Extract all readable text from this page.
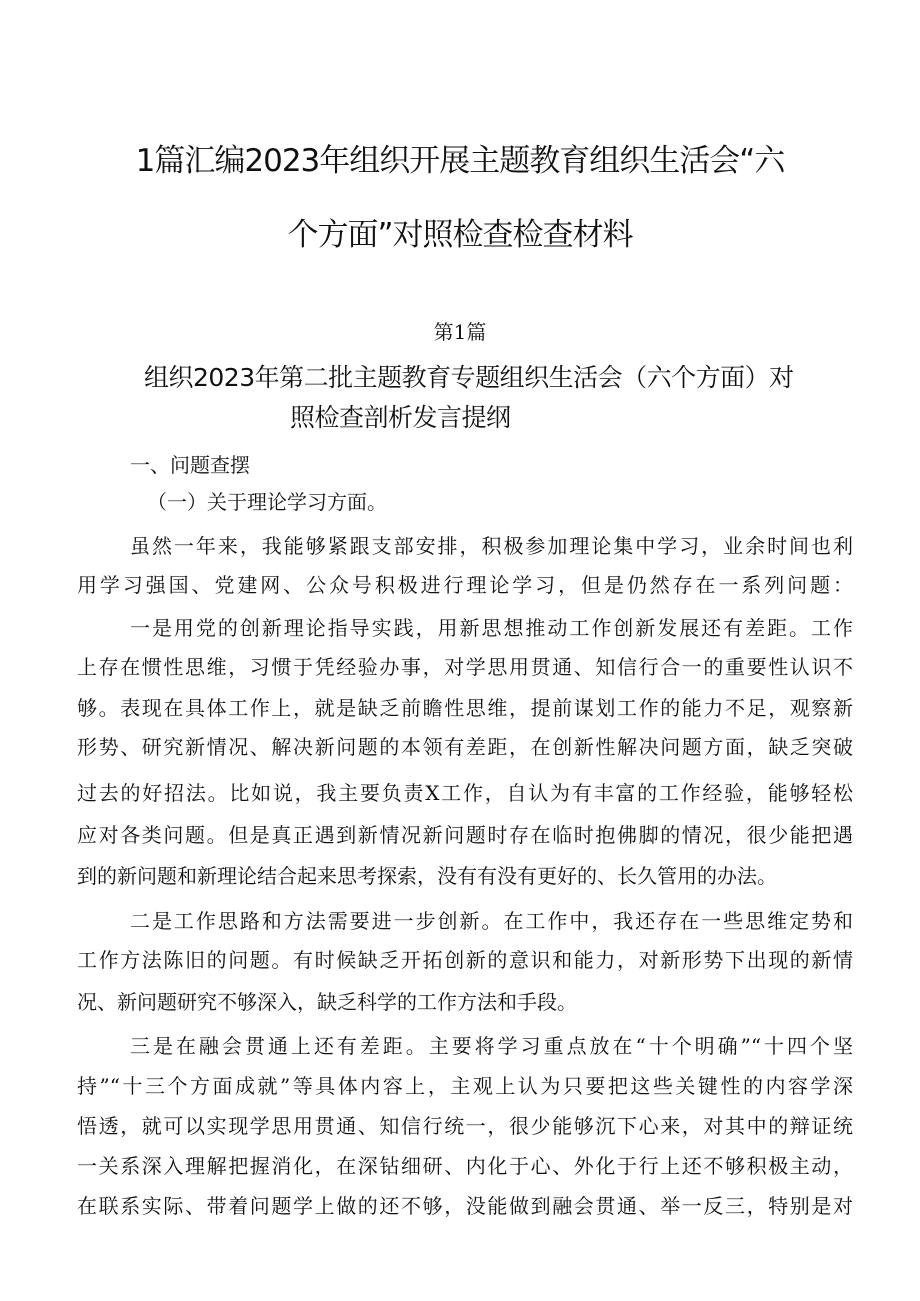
1篇汇编2023年组织开展主题教育组织生活会“六
个方面”对照检查检查材料
第1篇
组织2023年第二批主题教育专题组织生活会（六个方面）对
照检查剖析发言提纲
一、问题查摆
（一）关于理论学习方面。
虽然一年来，我能够紧跟支部安排，积极参加理论集中学习，业余时间也利
用学习强国、党建网、公众号积极进行理论学习，但是仍然存在一系列问题：
一是用党的创新理论指导实践，用新思想推动工作创新发展还有差距。工作
上存在惯性思维，习惯于凭经验办事，对学思用贯通、知信行合一的重要性认识不
够。表现在具体工作上，就是缺乏前瞻性思维，提前谋划工作的能力不足，观察新
形势、研究新情况、解决新问题的本领有差距，在创新性解决问题方面，缺乏突破
过去的好招法。比如说，我主要负责X工作，自认为有丰富的工作经验，能够轻松
应对各类问题。但是真正遇到新情况新问题时存在临时抱佛脚的情况，很少能把遇
到的新问题和新理论结合起来思考探索，没有有没有更好的、长久管用的办法。
二是工作思路和方法需要进一步创新。在工作中，我还存在一些思维定势和
工作方法陈旧的问题。有时候缺乏开拓创新的意识和能力，对新形势下出现的新情
况、新问题研究不够深入，缺乏科学的工作方法和手段。
三是在融会贯通上还有差距。主要将学习重点放在“十个明确”“十四个坚
持”“十三个方面成就”等具体内容上，主观上认为只要把这些关键性的内容学深
悟透，就可以实现学思用贯通、知信行统一，很少能够沉下心来，对其中的辩证统
一关系深入理解把握消化，在深钻细研、内化于心、外化于行上还不够积极主动，
在联系实际、带着问题学上做的还不够，没能做到融会贯通、举一反三，特别是对
